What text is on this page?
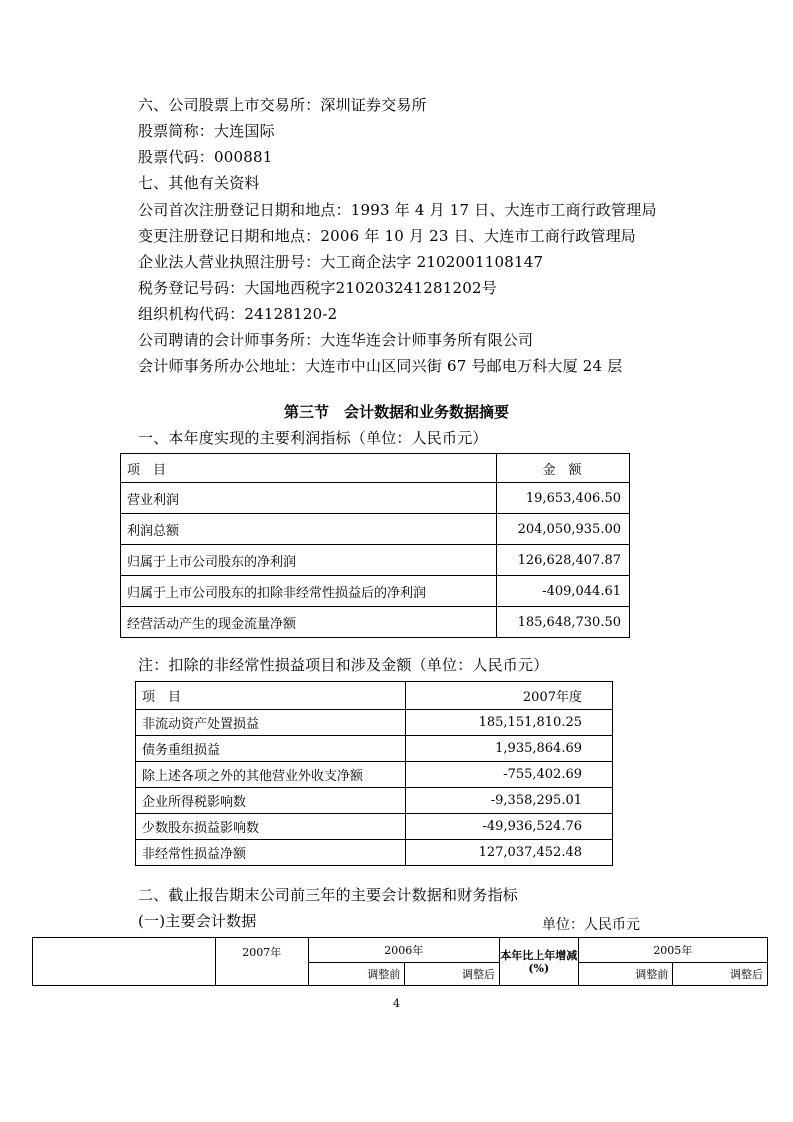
六、公司股票上市交易所：深圳证券交易所
股票简称：大连国际
股票代码：000881
七、其他有关资料
公司首次注册登记日期和地点：1993 年 4 月 17 日、大连市工商行政管理局
变更注册登记日期和地点：2006 年 10 月 23 日、大连市工商行政管理局
企业法人营业执照注册号：大工商企法字 2102001108147
税务登记号码：大国地西税字210203241281202号
组织机构代码：24128120-2
公司聘请的会计师事务所：大连华连会计师事务所有限公司
会计师事务所办公地址：大连市中山区同兴街 67 号邮电万科大厦 24 层
第三节　会计数据和业务数据摘要
一、本年度实现的主要利润指标（单位：人民币元）
项　目	金　额
营业利润	19,653,406.50
利润总额	204,050,935.00
归属于上市公司股东的净利润	126,628,407.87
归属于上市公司股东的扣除非经常性损益后的净利润	-409,044.61
经营活动产生的现金流量净额	185,648,730.50
注：扣除的非经常性损益项目和涉及金额（单位：人民币元）
项　目	2007年度
非流动资产处置损益	185,151,810.25
债务重组损益	1,935,864.69
除上述各项之外的其他营业外收支净额	-755,402.69
企业所得税影响数	-9,358,295.01
少数股东损益影响数	-49,936,524.76
非经常性损益净额	127,037,452.48
二、截止报告期末公司前三年的主要会计数据和财务指标
(一)主要会计数据	单位：人民币元
	2007年	2006年		本年比上年增减(%)	2005年	
		调整前	调整后		调整前	调整后
4
